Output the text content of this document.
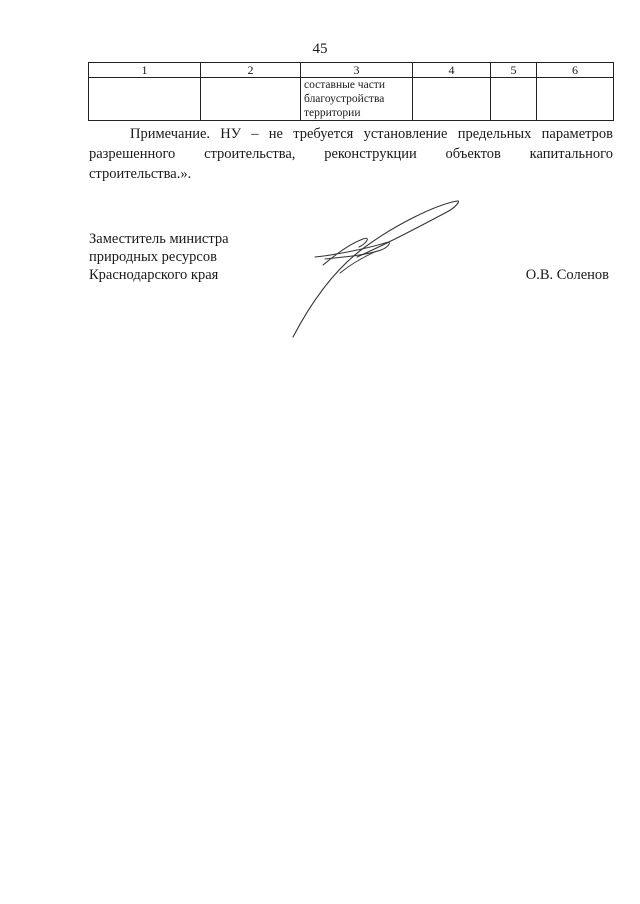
45
1	2	3	4	5	6

		составные части
благоустройства
территории			

Примечание. НУ – не требуется установление предельных параметров
разрешенного строительства, реконструкции объектов капитального
строительства.».
Заместитель министра
природных ресурсов
Краснодарского края	О.В. Соленов
